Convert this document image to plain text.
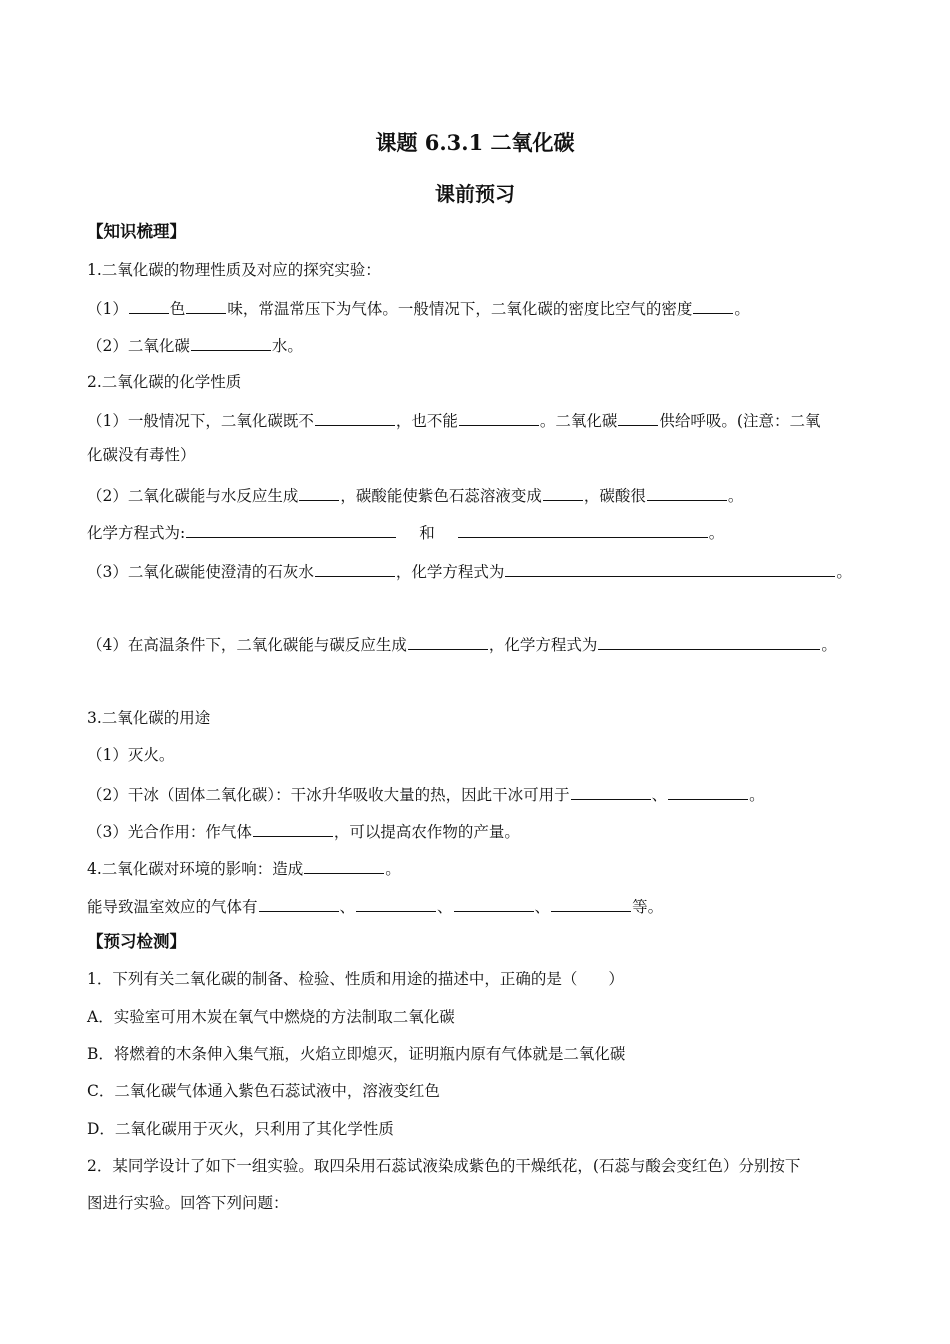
课题 6.3.1 二氧化碳
课前预习
【知识梳理】
1.二氧化碳的物理性质及对应的探究实验：
（1）	色	味，常温常压下为气体。一般情况下，二氧化碳的密度比空气的密度	。
（2）二氧化碳	水。
2.二氧化碳的化学性质
（1）一般情况下，二氧化碳既不	，也不能	。二氧化碳	供给呼吸。(注意：二氧
化碳没有毒性）
（2）二氧化碳能与水反应生成	，碳酸能使紫色石蕊溶液变成	，碳酸很	。
化学方程式为:	和	。
（3）二氧化碳能使澄清的石灰水	，化学方程式为	。
（4）在高温条件下，二氧化碳能与碳反应生成	，化学方程式为	。
3.二氧化碳的用途
（1）灭火。
（2）干冰（固体二氧化碳）：干冰升华吸收大量的热，因此干冰可用于	、	。
（3）光合作用：作气体	，可以提高农作物的产量。
4.二氧化碳对环境的影响：造成	。
能导致温室效应的气体有	、	、	、	等。
【预习检测】
1．下列有关二氧化碳的制备、检验、性质和用途的描述中，正确的是（　　）
A．实验室可用木炭在氧气中燃烧的方法制取二氧化碳
B．将燃着的木条伸入集气瓶，火焰立即熄灭，证明瓶内原有气体就是二氧化碳
C．二氧化碳气体通入紫色石蕊试液中，溶液变红色
D．二氧化碳用于灭火，只利用了其化学性质
2．某同学设计了如下一组实验。取四朵用石蕊试液染成紫色的干燥纸花，(石蕊与酸会变红色）分别按下
图进行实验。回答下列问题：
